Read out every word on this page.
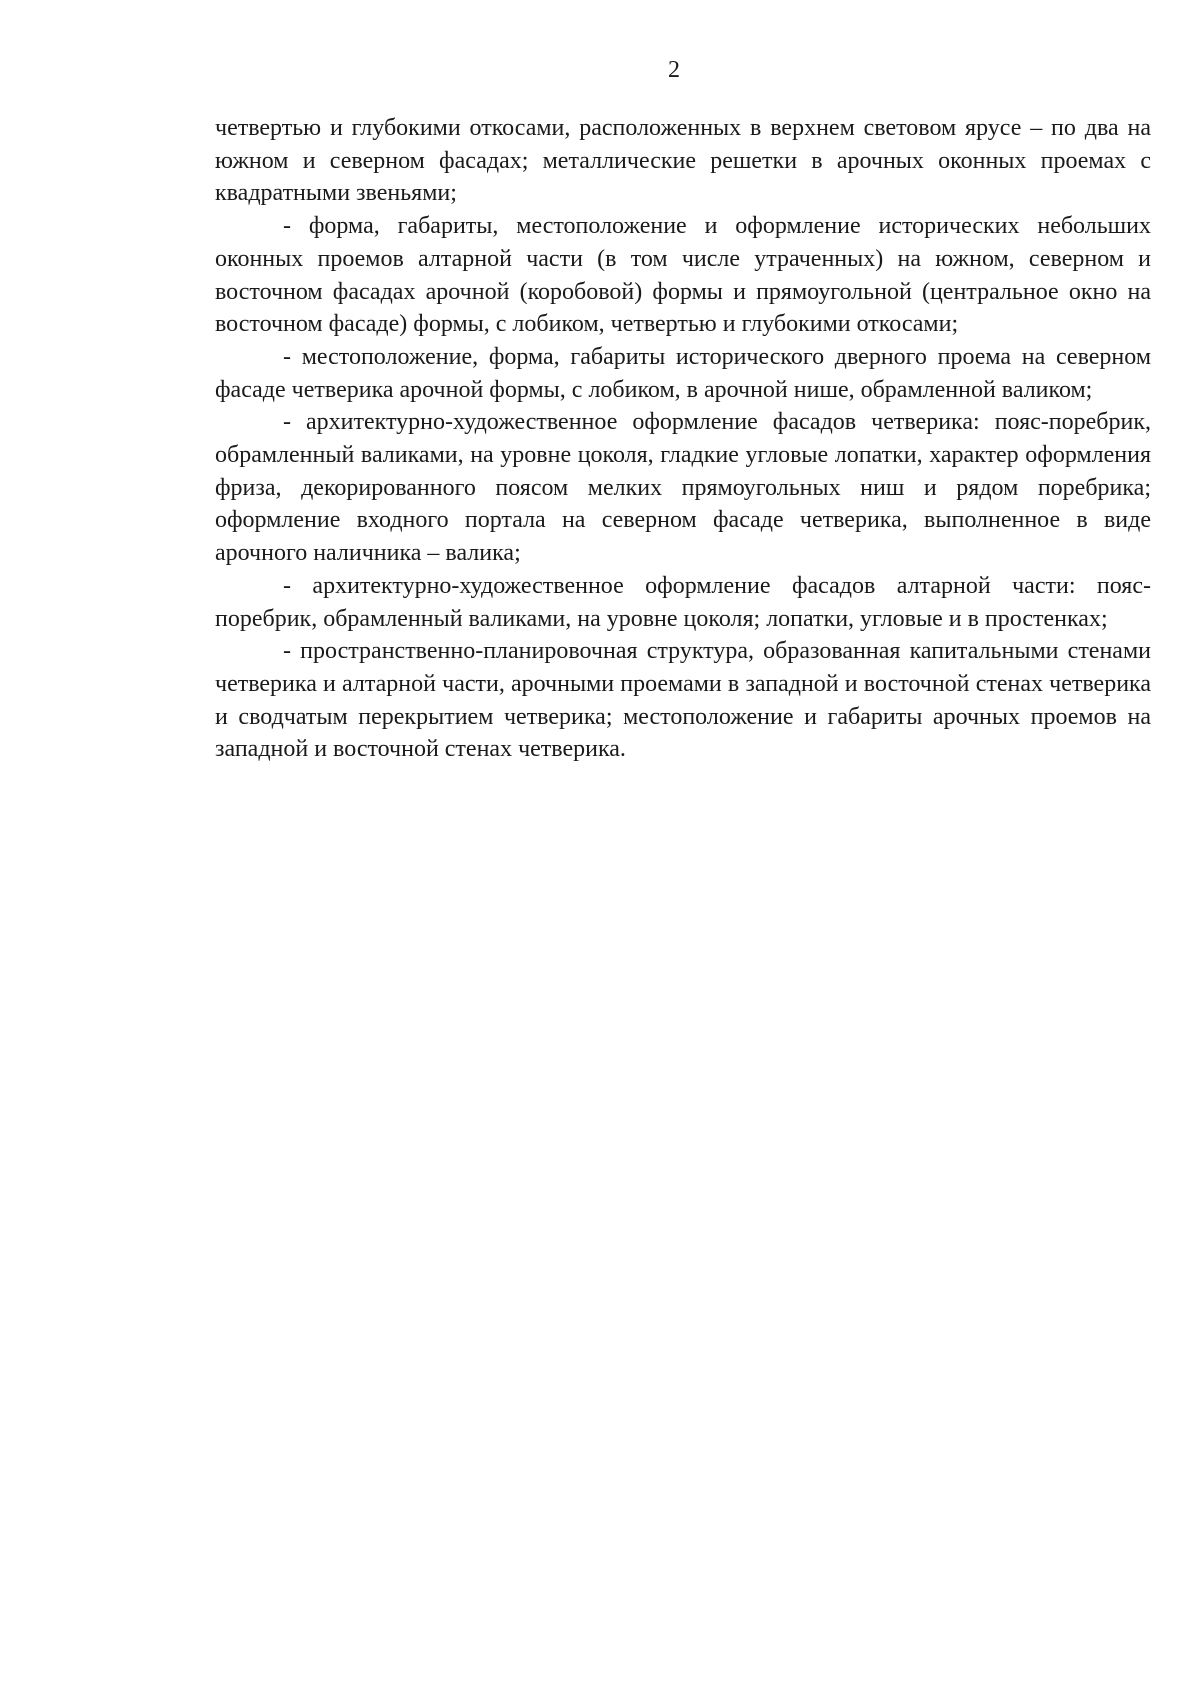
2

четвертью и глубокими откосами, расположенных в верхнем световом ярусе – по два на южном и северном фасадах; металлические решетки в арочных оконных проемах с квадратными звеньями;

- форма, габариты, местоположение и оформление исторических небольших оконных проемов алтарной части (в том числе утраченных) на южном, северном и восточном фасадах арочной (коробовой) формы и прямоугольной (центральное окно на восточном фасаде) формы, с лобиком, четвертью и глубокими откосами;

- местоположение, форма, габариты исторического дверного проема на северном фасаде четверика арочной формы, с лобиком, в арочной нише, обрамленной валиком;

- архитектурно-художественное оформление фасадов четверика: пояс-поребрик, обрамленный валиками, на уровне цоколя, гладкие угловые лопатки, характер оформления фриза, декорированного поясом мелких прямоугольных ниш и рядом поребрика; оформление входного портала на северном фасаде четверика, выполненное в виде арочного наличника – валика;

- архитектурно-художественное оформление фасадов алтарной части: пояс-поребрик, обрамленный валиками, на уровне цоколя; лопатки, угловые и в простенках;

- пространственно-планировочная структура, образованная капитальными стенами четверика и алтарной части, арочными проемами в западной и восточной стенах четверика и сводчатым перекрытием четверика; местоположение и габариты арочных проемов на западной и восточной стенах четверика.
